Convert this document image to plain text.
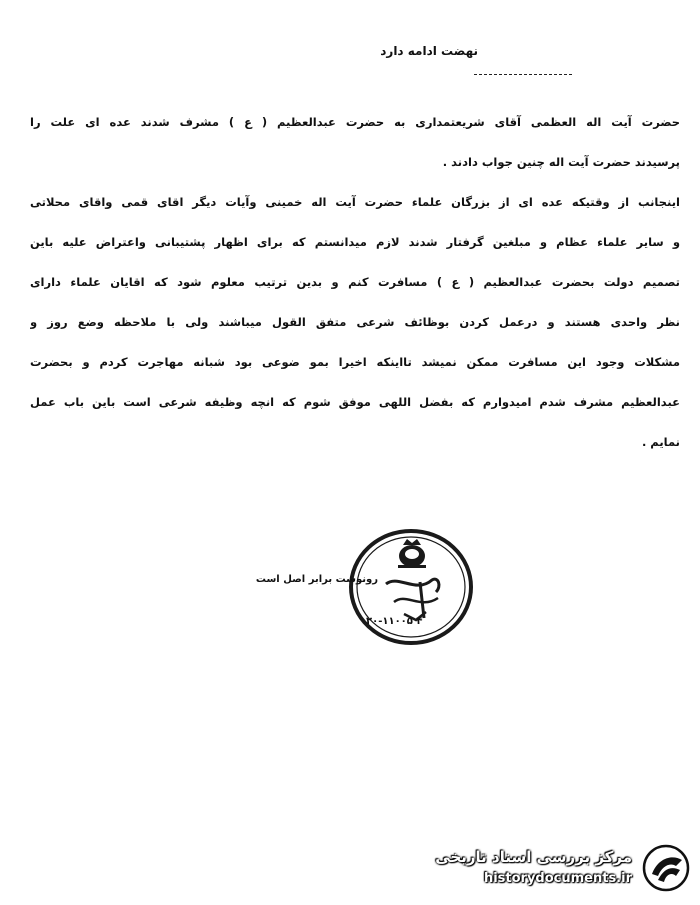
نهضت ادامه دارد
حضرت آیت اله العظمی آقای شریعتمداری به حضرت عبدالعظیم ( ع ) مشرف شدند عده ای علت را
پرسیدند حضرت آیت اله چنین جواب دادند .
اینجانب از وقتیکه عده ای از بزرگان علماء حضرت آیت اله خمینی وآیات دیگر اقای قمی واقای محلاتی
و سایر علماء عظام و مبلغین گرفتار شدند لازم میدانستم که برای اظهار پشتیبانی واعتراض علیه باین
تصمیم دولت بحضرت عبدالعظیم ( ع ) مسافرت کنم و بدین ترتیب معلوم شود که اقایان علماء دارای
نظر واحدی هستند و درعمل کردن بوظائف شرعی متفق القول میباشند ولی با ملاحظه وضع روز و
مشکلات وجود این مسافرت ممکن نمیشد تااینکه اخیرا بمو ضوعی بود شبانه مهاجرت کردم و بحضرت
عبدالعظیم مشرف شدم امیدوارم که بفضل اللهی موفق شوم که انچه وظیفه شرعی است باین باب عمل
نمایم .
رونوشت برابر اصل است
۲۰-۱۱۰۰۵ ۴
مرکز بررسی اسناد تاریخی
historydocuments.ir
